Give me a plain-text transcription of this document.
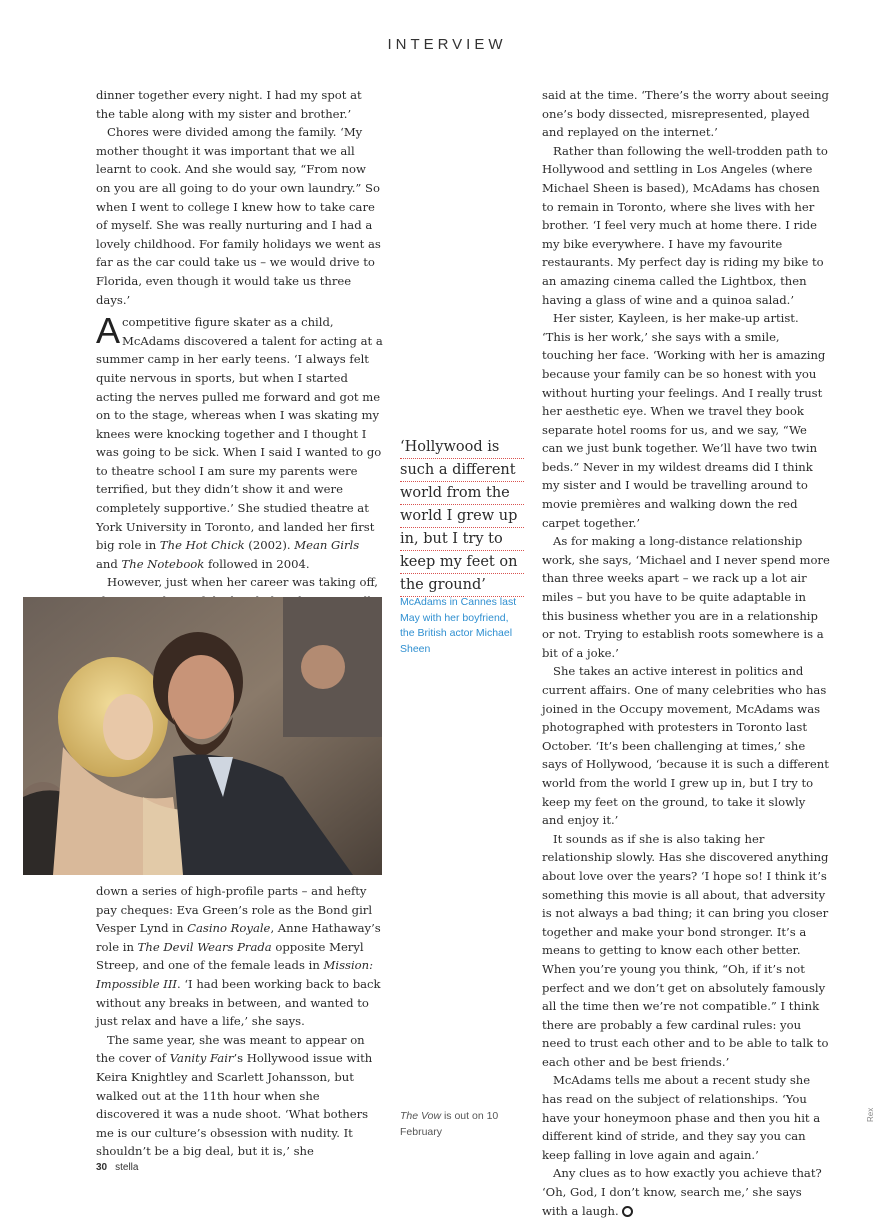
INTERVIEW

dinner together every night. I had my spot at the table along with my sister and brother.’

Chores were divided among the family. ‘My mother thought it was important that we all learnt to cook. And she would say, “From now on you are all going to do your own laundry.” So when I went to college I knew how to take care of myself. She was really nurturing and I had a lovely childhood. For family holidays we went as far as the car could take us – we would drive to Florida, even though it would take us three days.’

A competitive figure skater as a child, McAdams discovered a talent for acting at a summer camp in her early teens. ‘I always felt quite nervous in sports, but when I started acting the nerves pulled me forward and got me on to the stage, whereas when I was skating my knees were knocking together and I thought I was going to be sick. When I said I wanted to go to theatre school I am sure my parents were terrified, but they didn’t show it and were completely supportive.’ She studied theatre at York University in Toronto, and landed her first big role in The Hot Chick (2002). Mean Girls and The Notebook followed in 2004.

However, just when her career was taking off,

down a series of high-profile parts – and hefty pay cheques: Eva Green’s role as the Bond girl Vesper Lynd in Casino Royale, Anne Hathaway’s role in The Devil Wears Prada opposite Meryl Streep, and one of the female leads in Mission: Impossible III. ‘I had been working back to back without any breaks in between, and wanted to just relax and have a life,’ she says.

The same year, she was meant to appear on the cover of Vanity Fair’s Hollywood issue with Keira Knightley and Scarlett Johansson, but walked out at the 11th hour when she discovered it was a nude shoot. ‘What bothers me is our culture’s obsession with nudity. It shouldn’t be a big deal, but it is,’ she

‘Hollywood is
such a different
world from the
world I grew up
in, but I try to
keep my feet on
the ground’
McAdams in Cannes last May with her boyfriend, the British actor Michael Sheen
The Vow is out on 10 February

said at the time. ‘There’s the worry about seeing one’s body dissected, misrepresented, played and replayed on the internet.’

Rather than following the well-trodden path to Hollywood and settling in Los Angeles (where Michael Sheen is based), McAdams has chosen to remain in Toronto, where she lives with her brother. ‘I feel very much at home there. I ride my bike everywhere. I have my favourite restaurants. My perfect day is riding my bike to an amazing cinema called the Lightbox, then having a glass of wine and a quinoa salad.’

Her sister, Kayleen, is her make-up artist. ‘This is her work,’ she says with a smile, touching her face. ‘Working with her is amazing because your family can be so honest with you without hurting your feelings. And I really trust her aesthetic eye. When we travel they book separate hotel rooms for us, and we say, “We can we just bunk together. We’ll have two twin beds.” Never in my wildest dreams did I think my sister and I would be travelling around to movie premières and walking down the red carpet together.’

As for making a long-distance relationship work, she says, ‘Michael and I never spend more than three weeks apart – we rack up a lot air miles – but you have to be quite adaptable in this business whether you are in a relationship or not. Trying to establish roots somewhere is a bit of a joke.’

She takes an active interest in politics and current affairs. One of many celebrities who has joined in the Occupy movement, McAdams was photographed with protesters in Toronto last October. ‘It’s been challenging at times,’ she says of Hollywood, ‘because it is such a different world from the world I grew up in, but I try to keep my feet on the ground, to take it slowly and enjoy it.’

It sounds as if she is also taking her relationship slowly. Has she discovered anything about love over the years? ‘I hope so! I think it’s something this movie is all about, that adversity is not always a bad thing; it can bring you closer together and make your bond stronger. It’s a means to getting to know each other better. When you’re young you think, “Oh, if it’s not perfect and we don’t get on absolutely famously all the time then we’re not compatible.” I think there are probably a few cardinal rules: you need to trust each other and to be able to talk to each other and be best friends.’

McAdams tells me about a recent study she has read on the subject of relationships. ‘You have your honeymoon phase and then you hit a different kind of stride, and they say you can keep falling in love again and again.’

Any clues as to how exactly you achieve that? ‘Oh, God, I don’t know, search me,’ she says with a laugh.

30 stella
Rex
